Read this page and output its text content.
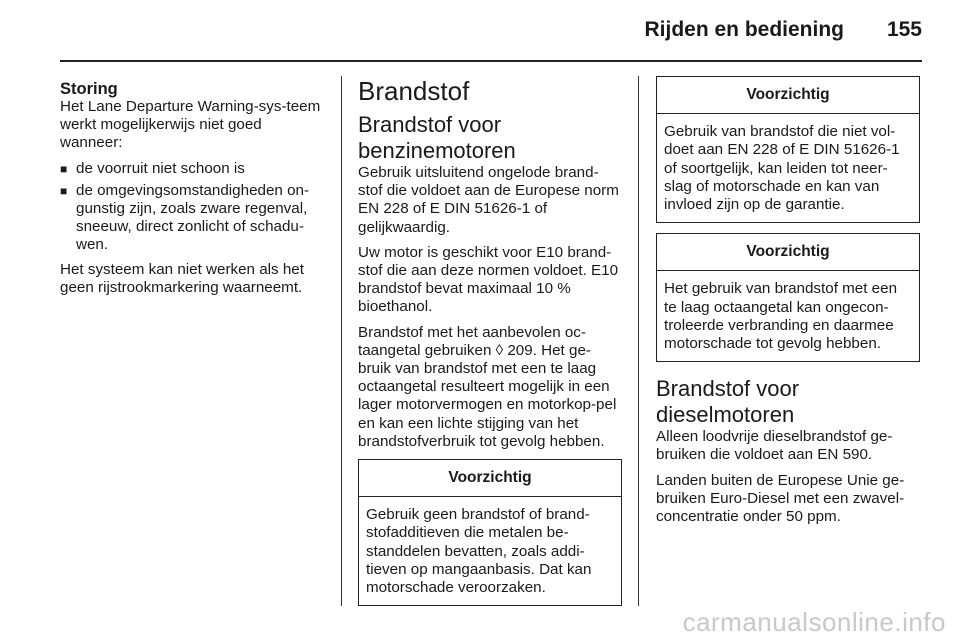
Rijden en bediening 155
Storing

Het Lane Departure Warning-sys-teem werkt mogelijkerwijs niet goed wanneer:

■ de voorruit niet schoon is
■ de omgevingsomstandigheden on-gunstig zijn, zoals zware regenval, sneeuw, direct zonlicht of schadu-wen.

Het systeem kan niet werken als het geen rijstrookmarkering waarneemt.

Brandstof
Brandstof voor benzinemotoren

Gebruik uitsluitend ongelode brand-stof die voldoet aan de Europese norm EN 228 of E DIN 51626-1 of gelijkwaardig.

Uw motor is geschikt voor E10 brand-stof die aan deze normen voldoet. E10 brandstof bevat maximaal 10 % bioethanol.

Brandstof met het aanbevolen oc-taangetal gebruiken ◊ 209. Het ge-bruik van brandstof met een te laag octaangetal resulteert mogelijk in een lager motorvermogen en motorkop-pel en kan een lichte stijging van het brandstofverbruik tot gevolg hebben.

Voorzichtig
Gebruik geen brandstof of brand-stofadditieven die metalen be-standdelen bevatten, zoals addi-tieven op mangaanbasis. Dat kan motorschade veroorzaken.
Voorzichtig
Gebruik van brandstof die niet vol-doet aan EN 228 of E DIN 51626-1 of soortgelijk, kan leiden tot neer-slag of motorschade en kan van invloed zijn op de garantie.
Voorzichtig
Het gebruik van brandstof met een te laag octaangetal kan ongecon-troleerde verbranding en daarmee motorschade tot gevolg hebben.
Brandstof voor dieselmotoren

Alleen loodvrije dieselbrandstof ge-bruiken die voldoet aan EN 590.

Landen buiten de Europese Unie ge-bruiken Euro-Diesel met een zwavel-concentratie onder 50 ppm.

carmanualsonline.info
